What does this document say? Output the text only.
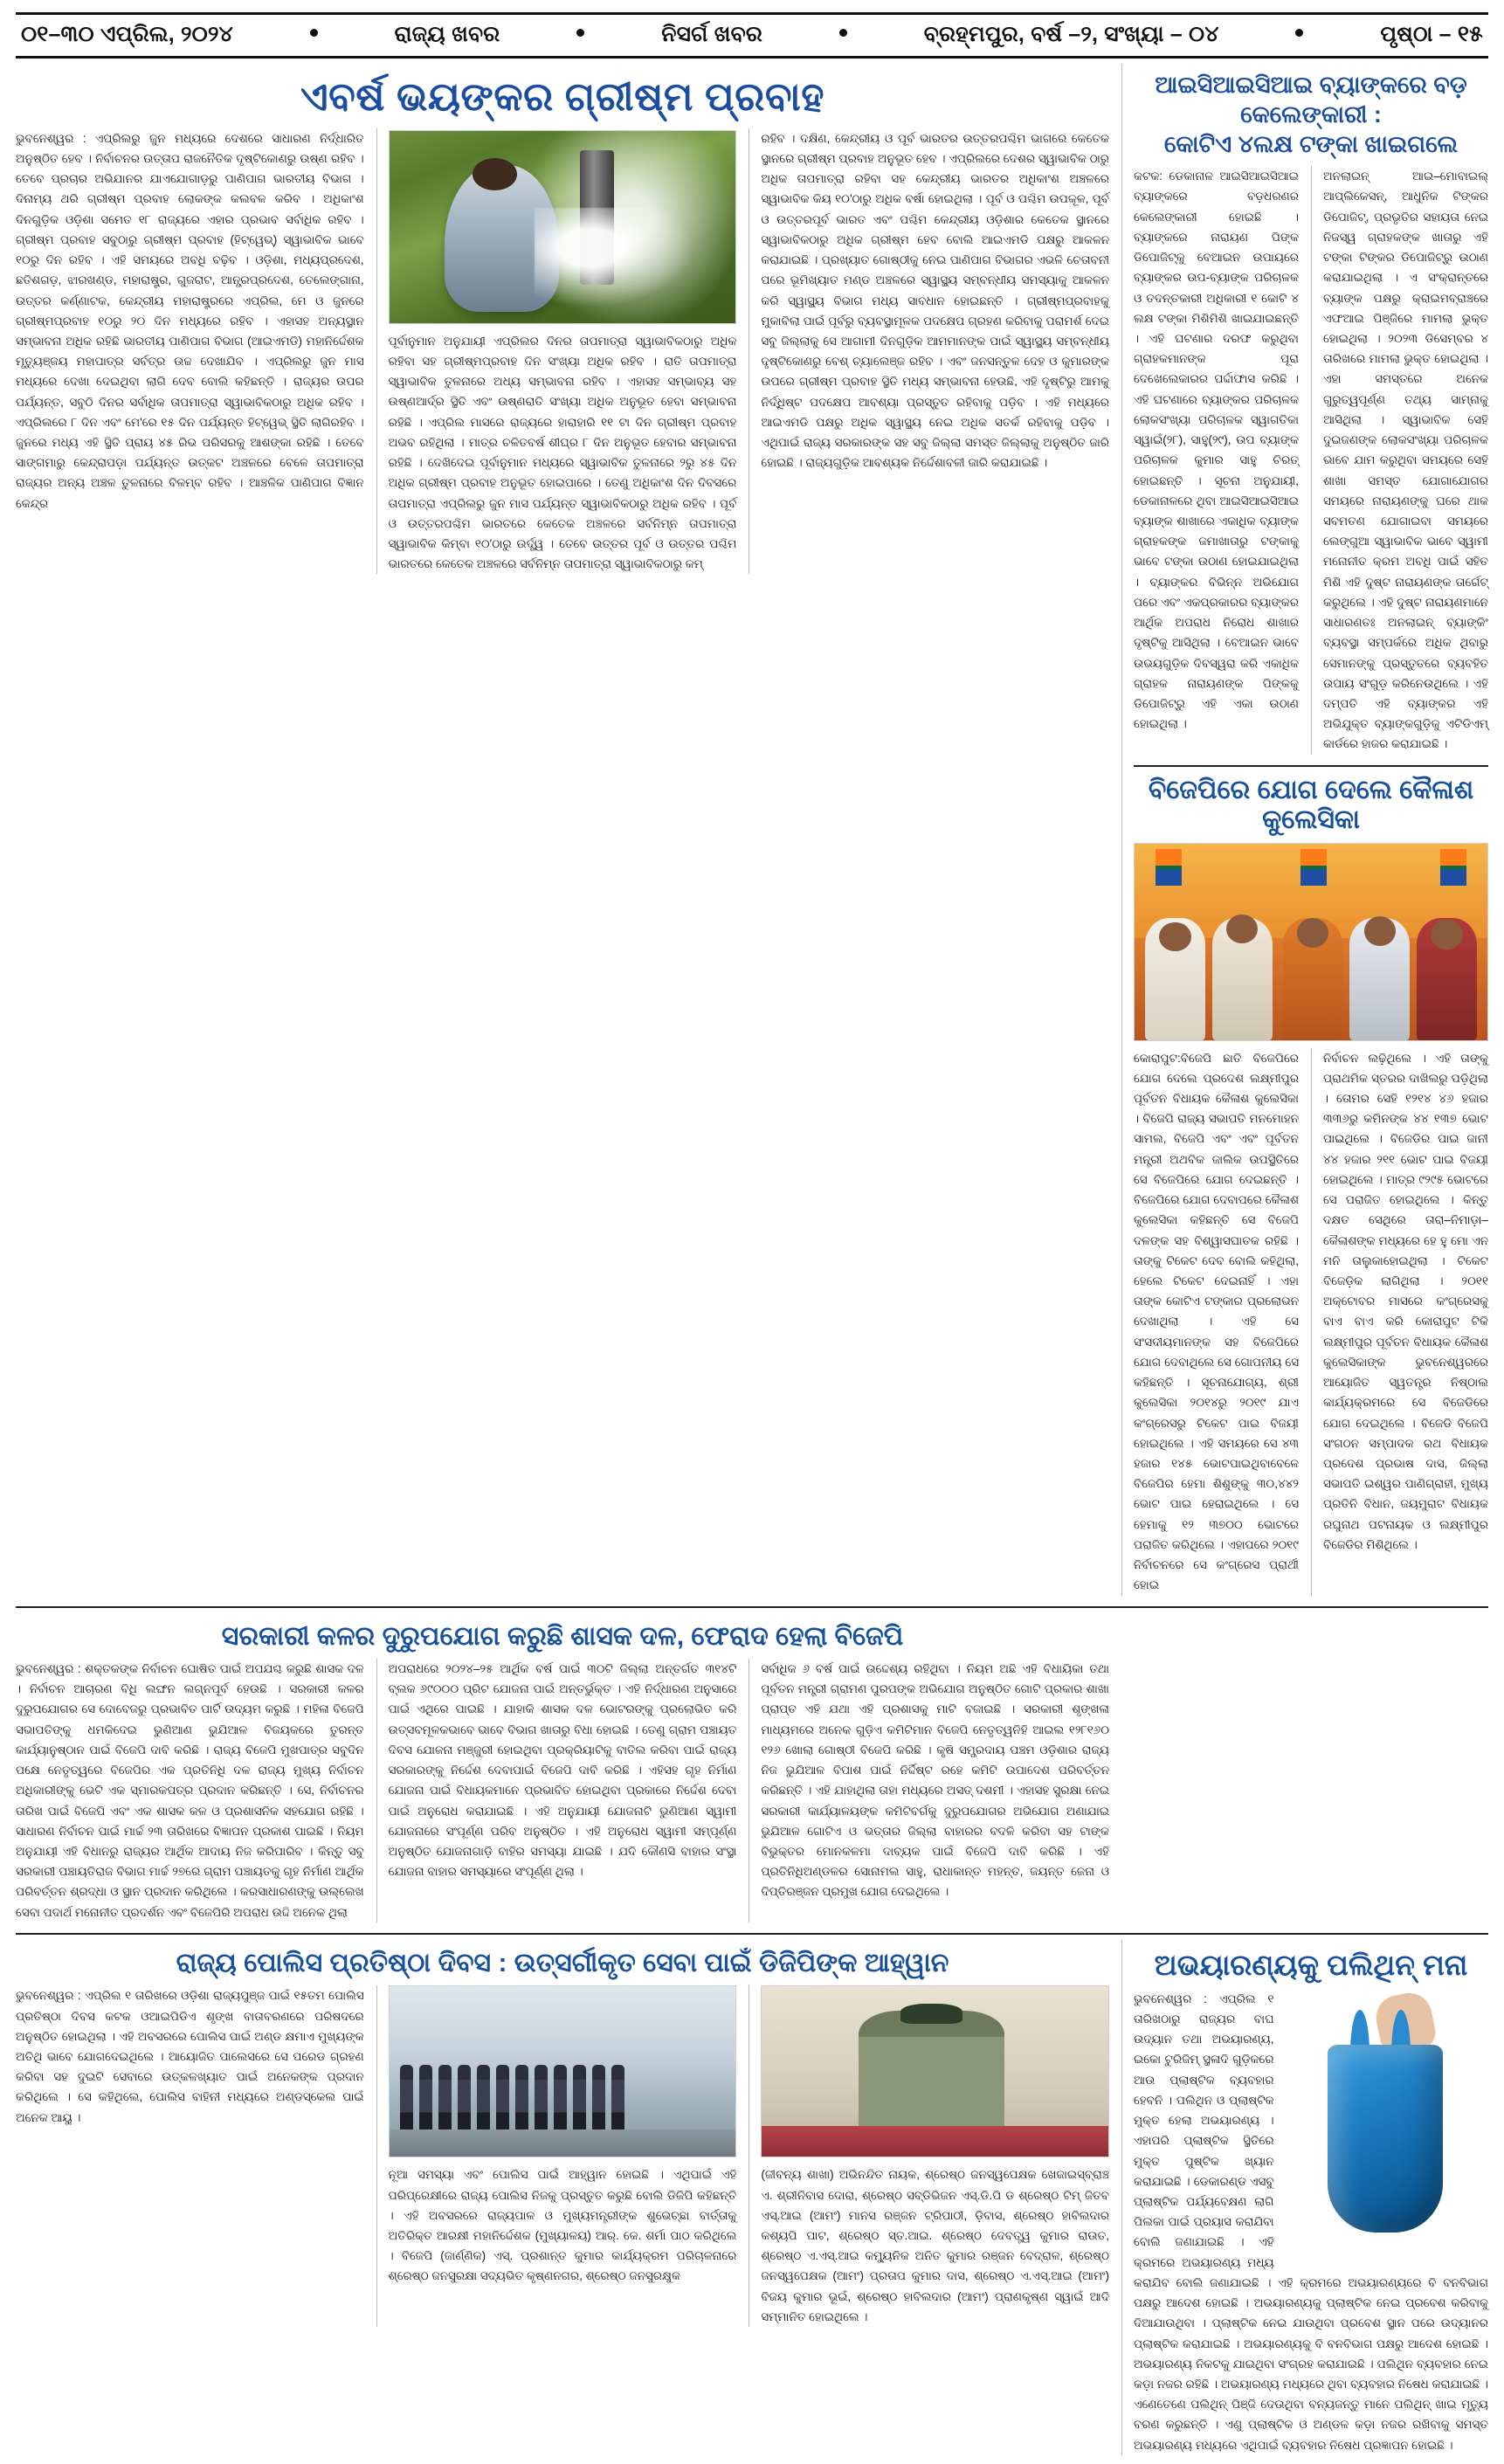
୦୧–୩୦ ଏପ୍ରିଲ, ୨୦୨୪	ରାଜ୍ୟ ଖବର	ନିସର୍ଗ ଖବର	ବ୍ରହ୍ମପୁର, ବର୍ଷ –୨, ସଂଖ୍ୟା – ୦୪	ପୃଷ୍ଠା – ୧୫
ଏବର୍ଷ ଭୟଙ୍କର ଗ୍ରୀଷ୍ମ ପ୍ରବାହ
ଭୁବନେଶ୍ୱର : ଏପ୍ରିଲରୁ ଜୁନ ମଧ୍ୟରେ ଦେଶରେ ସାଧାରଣ ନିର୍ଦ୍ଧାରିତ ଅନୁଷ୍ଠିତ ହେବ । ନିର୍ବାଚନର ଉତ୍ତାପ ରାଜନୈତିକ ଦୃଷ୍ଟିକୋଣରୁ ଉଷ୍ଣ ରହିବ । ତେବେ ପ୍ରଚାର ଅଭିଯାନର ଯାଏଯୋଗାଡ଼ରୁ ପାଣିପାଗ ଭାରତୀୟ ବିଭାଗ । ଦିନାମ୍ୟ ଥରି ଗ୍ରୀଷ୍ମ ପ୍ରବାହ ଲୋକଙ୍କ କଲବଳ କରିବ । ଅଧିକାଂଶ ଦିନଗୁଡ଼ିକ ଓଡ଼ିଶା ସମେତ ୧୮ ରାଜ୍ୟରେ ଏହାର ପ୍ରଭାବ ସର୍ବାଧିକ ରହିବ । ଗ୍ରୀଷ୍ମ ପ୍ରବାହ ସବୁଠାରୁ ଗ୍ରୀଷ୍ମ ପ୍ରବାହ (ହିଟ୍‌ୱେଭ୍‌) ସ୍ୱାଭାବିକ ଭାବେ ୧୦ରୁ ଦିନ ରହିବ । ଏହି ସମୟରେ ଅବଧି ବଢ଼ିବ । ଓଡ଼ିଶା, ମଧ୍ୟପ୍ରଦେଶ, ଛତିଶଗଡ଼, ଝାରଖଣ୍ଡ, ମହାରାଷ୍ଟ୍ର, ଗୁଜରାଟ, ଆନ୍ଧ୍ରପ୍ରଦେଶ, ତେଲେଙ୍ଗାନା, ଉତ୍ତର କର୍ଣ୍ଣାଟକ, କେନ୍ଦ୍ରୀୟ ମହାରାଷ୍ଟ୍ରରେ ଏପ୍ରିଲ, ମେ ଓ ଜୁନରେ ଗ୍ରୀଷ୍ମପ୍ରବାହ ୧୦ରୁ ୨୦ ଦିନ ମଧ୍ୟରେ ରହିବ । ଏହାସହ ଅନ୍ୟସ୍ଥାନ ସମ୍ଭାବନା ଅଧିକ ରହିଛି ଭାରତୀୟ ପାଣିପାଗ ବିଭାଗ (ଆଇଏମଡି) ମହାନିର୍ଦ୍ଦେଶକ ମୃତ୍ୟୁଞ୍ଜୟ ମହାପାତ୍ର ସର୍ବତ୍ର ଉଚ୍ଚ ଦେଖାଯିବ । ଏପ୍ରିଲରୁ ଜୁନ ମାସ ମଧ୍ୟରେ ଦେଖା ଦେଇଥିବା ଲାଗି ଦେବ ବୋଲି କହିଛନ୍ତି । ରାଜ୍ୟର ଉପର ପର୍ଯ୍ୟନ୍ତ, ସବୁଠି ଦିନର ସର୍ବାଧିକ ତାପମାତ୍ରା ସ୍ୱାଭାବିକଠାରୁ ଅଧିକ ରହିବ । ଏପ୍ରିଲରେ ୮ ଦିନ ଏବଂ ମେ'ରେ ୧୫ ଦିନ ପର୍ଯ୍ୟନ୍ତ ହିଟ୍‌ୱେଭ୍ ସ୍ଥିତି ଲାଗିରହିବ । ଜୁନରେ ମଧ୍ୟ ଏହି ସ୍ଥିତି ପ୍ରାୟ ୪୫ ରିଭ ପରିସରକୁ ଆଶଙ୍କା ରହିଛି । ତେବେ ସାଙ୍ଗମାରୁ କେନ୍ଦ୍ରାପଡ଼ା ପର୍ଯ୍ୟନ୍ତ ଉତ୍କଟ ଅଞ୍ଚଳରେ ବେଳେ ତାପମାତ୍ରା ରାଜ୍ୟର ଅନ୍ୟ ଅଞ୍ଚଳ ତୁଳନାରେ ବିଳମ୍ବ ରହିବ । ଆଞ୍ଚଳିକ ପାଣିପାଗ ବିଜ୍ଞାନ କେନ୍ଦ୍ର
ପୂର୍ବାନୁମାନ ଅନୁଯାୟୀ ଏପ୍ରିଲର ଦିନର ତାପମାତ୍ରା ସ୍ୱାଭାବିକଠାରୁ ଅଧିକ ରହିବା ସହ ଗ୍ରୀଷ୍ମପ୍ରବାହ ଦିନ ସଂଖ୍ୟା ଅଧିକ ରହିବ । ରାତି ତାପମାତ୍ରା ସ୍ୱାଭାବିକ ତୁଳନାରେ ଅଧ୍ୟ ସମ୍ଭାବନା ରହିବ । ଏହାସହ ସମ୍ଭାବ୍ୟ ସହ ଉଷ୍ଣଆର୍ଦ୍ର ସ୍ଥିତି ଏବଂ ଉଷ୍ଣରାତି ସଂଖ୍ୟା ଅଧିକ ଅନୁଭୂତ ହେବା ସମ୍ଭାବନା ରହିଛି । ଏପ୍ରିଲ ମାସରେ ରାଜ୍ୟରେ ହାରାହାରି ୧୧ ଟା ଦିନ ଗ୍ରୀଷ୍ମ ପ୍ରବାହ ଅଭବ ରହିଥିଲା । ମାତ୍ର ଚଳିତବର୍ଷ ଶୀଘ୍ର ୮ ଦିନ ଅନୁଭୂତ ହେବାର ସମ୍ଭାବନା ରହିଛି । ଦେଖିଦେଇ ପୂର୍ବାନୁମାନ ମଧ୍ୟରେ ସ୍ୱାଭାବିକ ତୁଳନାରେ ୨ରୁ ୪୫ ଦିନ ଅଧିକ ଗ୍ରୀଷ୍ମ ପ୍ରବାହ ଅନୁଭୂତ ହୋଇପାରେ । ତେଣୁ ଅଧିକାଂଶ ଦିନ ଦିବସରେ ତାପମାତ୍ରା ଏପ୍ରିଲରୁ ଜୁନ ମାସ ପର୍ଯ୍ୟନ୍ତ ସ୍ୱାଭାବିକଠାରୁ ଅଧିକ ରହିବ । ପୂର୍ବ ଓ ଉତ୍ତରପଶ୍ଚିମ ଭାରତରେ କେତେକ ଅଞ୍ଚଳରେ ସର୍ବନିମ୍ନ ତାପମାତ୍ରା ସ୍ୱାଭାବିକ କିମ୍ବା ୧୦'ଠାରୁ ଉର୍ଦ୍ଧ୍ୱ । ତେବେ ଉତ୍ତର ପୂର୍ବ ଓ ଉତ୍ତର ପଶ୍ଚିମ ଭାରତରେ କେତେକ ଅଞ୍ଚଳରେ ସର୍ବନିମ୍ନ ତାପମାତ୍ରା ସ୍ୱାଭାବିକଠାରୁ କମ୍
ରହିବ । ଦକ୍ଷିଣ, କେନ୍ଦ୍ରୀୟ ଓ ପୂର୍ବ ଭାରତର ଉତ୍ତରପଶ୍ଚିମ ଭାଗରେ କେତେକ ସ୍ଥାନରେ ଗ୍ରୀଷ୍ମ ପ୍ରବାହ ଅନୁଭୂତ ହେବ । ଏପ୍ରିଲରେ ଦେଶର ସ୍ୱାଭାବିକ ଠାରୁ ଅଧିକ ତାପମାତ୍ରା ରହିବା ସହ କେନ୍ଦ୍ରୀୟ ଭାରତର ଅଧିକାଂଶ ଅଞ୍ଚଳରେ ସ୍ୱାଭାବିକ କିୟ ୧୦'ଠାରୁ ଅଧିକ ବର୍ଷା ହୋଇଥିଲା । ପୂର୍ବ ଓ ପଶ୍ଚିମ ଉପକୂଳ, ପୂର୍ବ ଓ ଉତ୍ତରପୂର୍ବ ଭାରତ ଏବଂ ପଶ୍ଚିମ କେନ୍ଦ୍ରୀୟ ଓଡ଼ିଶାର କେତେକ ସ୍ଥାନରେ ସ୍ୱାଭାବିକଠାରୁ ଅଧିକ ଗ୍ରୀଷ୍ମ ହେବ ବୋଲି ଆଇଏମଡି ପକ୍ଷରୁ ଆକଳନ କରାଯାଇଛି । ପ୍ରଖ୍ୟାତ ଗୋଷ୍ଠୀକୁ ନେଇ ପାଣିପାଗ ବିଭାଗର ଏଭଳି ଚେତାବନୀ ପରେ ଭୂମିଖ୍ୟାତ ମଣ୍ଡ ଅଞ୍ଚଳରେ ସ୍ୱାସ୍ଥ୍ୟ ସମ୍ବନ୍ଧୀୟ ସମସ୍ୟାକୁ ଆକଳନ କରି ସ୍ୱାସ୍ଥ୍ୟ ବିଭାଗ ମଧ୍ୟ ସାବଧାନ ହୋଇଛନ୍ତି । ଗ୍ରୀଷ୍ମପ୍ରବାହକୁ ମୁକାବିଲା ପାଇଁ ପୂର୍ବରୁ ବ୍ୟବସ୍ଥାମୂଳକ ପଦକ୍ଷେପ ଗ୍ରହଣ କରିବାକୁ ପରାମର୍ଶ ଦେଇ ସବୁ ଜିଲ୍ଲାକୁ ସେ ଆଗାମୀ ଦିନଗୁଡ଼ିକ ଆମମାନଙ୍କ ପାଇଁ ସ୍ୱାସ୍ଥ୍ୟ ସମ୍ବନ୍ଧୀୟ ଦୃଷ୍ଟିକୋଣରୁ ବେଶ୍ ଚ୍ୟାଲେଞ୍ଜ ରହିବ । ଏବଂ ଜନସନ୍ତୁଳ ଦେହ ଓ କୁମାରଙ୍କ ଉପରେ ଗ୍ରୀଷ୍ମ ପ୍ରବାହ ସ୍ଥିତି ମଧ୍ୟ ସମ୍ଭାବନା ହେଉଛି, ଏହି ଦୃଷ୍ଟିରୁ ଆମକୁ ନିର୍ଦ୍ଧିଷ୍ଟ ପଦକ୍ଷେପ ଆବଶ୍ୟା ପ୍ରସ୍ତୁତ ରହିବାକୁ ପଡ଼ିବ । ଏହି ମଧ୍ୟରେ ଆଇଏମଡି ପକ୍ଷରୁ ଅଧିକ ସ୍ୱାସ୍ଥ୍ୟ ନେଇ ଅଧିକ ସତର୍କ ରହିବାକୁ ପଡ଼ିବ । ଏଥିପାଇଁ ରାଜ୍ୟ ସରକାରଙ୍କ ସହ ସବୁ ଜିଲ୍ଲା ସମସ୍ତ ଜିଲ୍ଲାକୁ ଅନୁଷ୍ଠିତ ଜାରି ହୋଇଛି । ରାଜ୍ୟଗୁଡ଼ିକ ଆବଶ୍ୟକ ନିର୍ଦ୍ଦେଶାବଳୀ ଜାରି କରାଯାଇଛି ।
ଆଇସିଆଇସିଆଇ ବ୍ୟାଙ୍କରେ ବଡ଼ କେଲେଙ୍କାରୀ :
କୋଟିଏ ୪ଲକ୍ଷ ଟଙ୍କା ଖାଇଗଲେ
କଟକ: ଡେକାନାଳ ଆଇସିଆଇସିଆଇ ବ୍ୟାଙ୍କରେ ବଡ଼ଧରଣର କେଲେଙ୍କାରୀ ହୋଇଛି । ବ୍ୟାଙ୍କରେ ନାରାୟଣ ପିଙ୍କ ଡିପୋଜିଟ୍‌କୁ ବେଆଇନ ଉପାୟରେ ବ୍ୟାଙ୍କର ଉପ-ବ୍ୟାଙ୍କ ପରିଚାଳକ ଓ ତଦନ୍ତକାରୀ ଅଧିକାରୀ ୧ କୋଟି ୪ ଲକ୍ଷ ଟଙ୍କା ମିଶିମିଶି ଖାଇଯାଇଛନ୍ତି । ଏହି ଘଟଣାର ଦରଫ କରୁଥିବା ଗ୍ରାହକମାନଙ୍କ ପୂରା ଦେଖେଲେକାରର ପର୍ଦ୍ଦାଫାସ କରିଛି । ଏହି ଘଟଣାରେ ବ୍ୟାଙ୍କର ପରିଚାଳକ ଲୋକସଂଖ୍ୟା ପରିଚାଳକ ସ୍ୱାଗତିକା ସ୍ୱାଇଁ(୨୮), ସାହୁ(୨୯), ଉପ ବ୍ୟାଙ୍କ ପରିଚାଳକ କୁମାର ସାହୁ ଚିରତ୍‌ ହୋଇଛନ୍ତି । ସୂଚନା ଅନୁଯାୟୀ, ଡେକାନାଳରେ ଥିବା ଆଇସିଆଇସିଆଇ ବ୍ୟାଙ୍କ ଶାଖାରେ ଏକାଧିକ ବ୍ୟାଙ୍କ ଗ୍ରାହକଙ୍କ ଜମାଖାତାରୁ ଟଙ୍କାକୁ ଭାବେ ଟଙ୍କା ଉଠାଣ ହୋଇଯାଇଥିଲା । ବ୍ୟାଙ୍କର ବିଭିନ୍ନ ଅଭିଯୋଗ ପରେ ଏବଂ ଏକପ୍ରକାରର ବ୍ୟାଙ୍କର ଆର୍ଥିକ ଅପରାଧ ନିରୋଧ ଶାଖାର ଦୃଷ୍ଟିକୁ ଆସିଥିଲା । ବେଆଇନ ଭାବେ ଉଭୟଗୁଡ଼ିକ ଦିବସ୍ୱରା କରି ଏକାଧିକ ଗ୍ରାହକ ନାରାୟଣଙ୍କ ପିଙ୍କକୁ ଡିପୋଜିଟ୍‌ରୁ ଏହି ଏକା ଉଠାଣ ହୋଇଥିଲା ।
ଅନଲାଇନ୍ ଆଇ–ମୋବାଇଲ୍ ଆପ୍ଲିକେସନ୍, ଆଧୁନିକ ଟିଙ୍କର ଡିପୋଜିଟ୍, ପ୍ରଭୃତିର ସହାୟତା ନେଇ ନିଜସ୍ୱ ଗ୍ରାହକଙ୍କ ଖାତାରୁ ଏହି ଟଙ୍କା ଟିଙ୍କର ଡିପୋଜିଟ୍‌ରୁ ଉଠାଣ କରାଯାଇଥିଲା । ଏ ସଂକ୍ରାନ୍ତରେ ବ୍ୟାଙ୍କ ପକ୍ଷରୁ କ୍ରାଇମବ୍ରାଞ୍ଚରେ ଏଫଆଇ ପିଞ୍ଜିରେ ମାମଲା ଭୁକ୍ତ ହୋଇଥିଲା । ୨୦୨୩ ଡିସେମ୍ବର ୪ ତାରିଖରେ ମାମଲା ଭୁକ୍ତ ହୋଇଥିଲା । ଏହା ସମସ୍ତରେ ଅନେକ ଗୁରୁତ୍ୱପୂର୍ଣ୍ଣ ତଥ୍ୟ ସାମ୍ନାକୁ ଆସିଥିଲା । ସ୍ୱାଭାବିକ ସେହି ଦୁଇଜଣଙ୍କ ଲୋକସଂଖ୍ୟା ପରିଚାଳକ ଭାବେ ଯାମ କରୁଥିବା ସମୟରେ ସେହି ଶାଖା ସମସ୍ତ ଯୋଗାଯୋଗର ସମୟରେ ନାରାୟଣଙ୍କୁ ଘରେ ଥାକ ସବମତଣ ଯୋଗାଇବା ସମୟରେ ଲେଙ୍ଗୁଆ ସ୍ୱାଭାବିକ ଭାବେ ସ୍ୱାମୀ ମନୋନୀତ କ୍ରମ ଅବଧି ପାଇଁ ସହିତ ମିଶି ଏହି ଦୁଷ୍ଟ ନାରାୟଣଙ୍କ ତାର୍ଗେଟ୍ କରୁଥିଲେ । ଏହି ଦୁଷ୍ଟ ନାରାୟଣମାନେ ସାଧାରଣତଃ ଅନଲାଇନ୍ ବ୍ୟାଙ୍କିଂ ବ୍ୟବସ୍ଥା ସମ୍ପର୍କରେ ଅଧିକ ଥିବାରୁ ସେମାନଙ୍କୁ ପ୍ରସ୍ତୁତରେ ବ୍ୟବହିତ ଉପାୟ ସଂଗୁଡ଼ କରିନେଉଥିଲେ । ଏହି ଦମ୍ପତି ଏହି ବ୍ୟାଙ୍କର ଏହି ଅଭିଯୁକ୍ତ ବ୍ୟାଙ୍କଗୁଡ଼ିକୁ ଏଟିଡିଏମ୍ କାର୍ଡରେ ହାଜର କରାଯାଇଛି ।
ବିଜେପିରେ ଯୋଗ ଦେଲେ କୈଳାଶ କୁଲେସିକା
କୋରାପୁଟ:ବିଜେପି ଛାତି ବିଜେପିରେ ଯୋଗ ଦେଲେ ପ୍ରଦେଶ ଲକ୍ଷ୍ମୀପୁର ପୂର୍ବତନ ବିଧାୟକ କୈଳାଶ କୁଲେସିକା । ବିଜେପି ରାଜ୍ୟ ସଭାପତି ମନମୋହନ ସାମଲ, ବିଜେପି ଏବଂ ଏବଂ ପୂର୍ବତନ ମନ୍ତ୍ରୀ ଅଥବିକ ଜାଲିକ ଉପସ୍ଥିତିରେ ସେ ବିଜେପିରେ ଯୋଗ ଦେଇଛନ୍ତି । ବିଜେପିରେ ଯୋଗ ଦେବାପରେ କୈଳାଶ କୁଲେସିକା କହିଛନ୍ତି ସେ ବିଜେପି ଦଳଙ୍କ ସହ ବିଶ୍ୱାସଘାତକ ରହିଛି । ତାଙ୍କୁ ଟିକେଟ ଦେବ ବୋଲି କହିଥିଲା, ହେଲେ ଟିକେଟ ଦେଇନାହିଁ । ଏହା ତାଙ୍କ କୋଟିଏ ଟଙ୍କାର ପ୍ରଲୋଭନ ଦେଖାଥିଲା । ଏହି ସେ ସଂସଦୀୟମାନଙ୍କ ସହ ବିଜେପିରେ ଯୋଗ ଦେବାଥିଲେ ସେ ଗୋପନୀୟ ସେ କହିଛନ୍ତି । ସୂଚନାଯୋଗ୍ୟ, ଶ୍ରୀ କୁଲେସିକା ୨୦୧୪ରୁ ୨୦୧୯ ଯାଏ କଂଗ୍ରେସରୁ ଟିକେଟ ପାଇ ବିଜୟୀ ହୋଇଥିଲେ । ଏହି ସମୟରେ ସେ ୪୩ ହଜାର ୧୪୫ ଭୋଟପାଇଥିବାବେଳେ ବିଜେପିର ହେମା ଶିଶୁଙ୍କୁ ୩୦,୪୪୨ ଭୋଟ ପାଇ ହେରାଇଥିଲେ । ସେ ହେମାକୁ ୧୨ ୩୭୦୦ ଭୋଟରେ ପରାଜିତ କରିଥିଲେ । ଏହାପରେ ୨୦୧୯ ନିର୍ବାଚନରେ ସେ କଂଗ୍ରେସ ପ୍ରାର୍ଥୀ ହୋଇ
ନିର୍ବାଚନ ଲଢ଼ିଥିଲେ । ଏହି ତାଙ୍କୁ ପ୍ରାଥମିକ ସ୍ତରର ଦାଖିଲରୁ ପଡ଼ିଥିଲା । ତୋମର ସେହି ୧୨୧୪ ୪୬ ହଜାର ୩୩୬ରୁ କମିନଙ୍କ ୪୪ ୧୩୭ ଭୋଟ ପାଇଥିଲେ । ବିଜେଡିର ପାଇ ଜାନୀ ୪୪ ହଜାର ୨୧୧ ଭୋଟ ପାଇ ବିଜୟୀ ହୋଇଥିଲେ । ମାତ୍ର ୯୨୯୫ ଭୋଟରେ ସେ ପରାଜିତ ହୋଇଥିଲେ । କିନ୍ତୁ ଦକ୍ଷତ ସେଥିରେ ତାରା–ନିମାଡ଼ା–କୈଳାଶଙ୍କ ମଧ୍ୟରେ ହେ ହୁ ମୋ ଏନ ମନି ତାଲୁକାହୋଇଥିଲା । ଟିକେଟ ବିଜେଡ଼ିକ ଲାଗିଥିଲା । ୨୦୧୧ ଅକ୍ଟୋବର ମାସରେ କଂଗ୍ରେସକୁ ବାଏ ବାଏ କରି କୋରାପୁଟ ଟିକି ଲକ୍ଷ୍ମୀପୁର ପୂର୍ବତନ ବିଧାୟକ କୈଳାଶ କୁଲେସିକାଙ୍କ ଭୁବନେଶ୍ୱରରେ ଆୟୋଜିତ ସ୍ୱତନ୍ତ୍ର ନିଷ୍ଠାଲ କାର୍ଯ୍ୟକ୍ରମରେ ସେ ବିଜେଡିରେ ଯୋଗ ଦେଇଥିଲେ । ବିଜେଡି ବିଜେପି ସଂଗଠନ ସମ୍ପାଦକ ରଥ ବିଧାୟକ ପ୍ରଦେଶ ପ୍ରଭାଷ ଦାସ, ଜିଲ୍ଲା ସଭାପତି ଇଶ୍ୱର ପାଣିଗ୍ରାହୀ, ମୁଖ୍ୟ ପ୍ରତିନି ବିଧାନ, ଜୟମୁରାଟ ବିଧାୟକ ରଘୁନାଥ ପଟନାୟକ ଓ ଲକ୍ଷ୍ମୀପୁର ବିଜେଡିର ମିଶିଥିଲେ ।
ସରକାରୀ କଳର ଦୁରୁପଯୋଗ କରୁଛି ଶାସକ ଦଳ, ଫେରାଦ ହେଲା ବିଜେପି
ଭୁବନେଶ୍ୱର : ଶକ୍ତକଙ୍କ ନିର୍ବାଚନ ଘୋଷିତ ପାଇଁ ଅପଯଶ୍ଚ କରୁଛି ଶାସକ ଦଳ । ନିର୍ବାଚନ ଆଚାରଣ ବିଧି ଲଙ୍ଘନ ଲଗ୍ନପୂର୍ବ ହେଉଛି । ସରକାରୀ କଳର ଦୁରୁପଯୋଗର ସେ ଦୋବେଜରୁ ପ୍ରଭାବିତ ପାର୍ଟି ଉଦ୍ୟମ କରୁଛି । ମହିଳା ବିଜେପି ସଭାପତିଙ୍କୁ ଧମକିଦେଇ ଭୁଣିଆଣ ଭୁଯିଆଳ ବିଜୟକରେ ତୁରନ୍ତ କାର୍ଯ୍ୟାନୁଷ୍ଠାନ ପାଇଁ ବିଜେପି ଦାବି କରିଛି । ରାଜ୍ୟ ବିଜେପି ମୁଖପାତ୍ର ସବୁଦିନ ପକ୍ଷେ ନେତୃତ୍ୱରେ ବିଜେପିର ଏକ ପ୍ରତିନିଧି ଦଳ ରାଜ୍ୟ ମୁଖ୍ୟ ନିର୍ବାଚନ ଅଧିକାରୀଙ୍କୁ ଭେଟି ଏକ ସ୍ମାରକପତ୍ର ପ୍ରଦାନ କରିଛନ୍ତି । ସେ, ନିର୍ବାଚନର ତାରିଖ ପାଇଁ ବିଜେପି ଏବଂ ଏକ ଶାସକ କଳ ଓ ପ୍ରଶାସନିକ ସହଯୋଗ ରହିଛି । ସାଧାରଣ ନିର୍ବାଚନ ପାଇଁ ମାର୍ଚ୍ଚ ୨୩ ତାରିଖରେ ବିଜ୍ଞାପନ ପ୍ରକାଶ ପାଇଛି । ନିୟମ ଅନୁଯାୟୀ ଏହି ବିଧାନରୁ ରାଜ୍ୟର ଆର୍ଥିକ ଆଦାୟ ନିଜ କରିପାରିବ । କିନ୍ତୁ ସବୁ ସରକାରୀ ପଞ୍ଚାୟତିରାଜ ବିଭାଗ ମାର୍ଚ୍ଚ ୨୭ରେ ଗ୍ରାମ ପଞ୍ଚାୟତକୁ ଗୃହ ନିର୍ମାଣ ଆର୍ଥିକ ପରିବର୍ତ୍ତନ ଶ୍ରଦ୍ଧା ଓ ସ୍ଥାନ ପ୍ରଦାନ କରିଥିଲେ । କରସାଧାରଣଙ୍କୁ ଉଲ୍ଲେଖ ସେବା ପଦାର୍ଥ ମନୋନୀତ ପ୍ରଦର୍ଶନ ଏବଂ ବିଜେପିରି ଅପରାଧ ଉଦ୍ଦି ଅନେକ ଥିଲା
ଅପରାଧରେ ୨୦୨୪–୨୫ ଆର୍ଥିକ ବର୍ଷ ପାଇଁ ୩୦ଟି ଜିଲ୍ଲା ଅନ୍ତର୍ଗତ ୩୧୪ଟି ବ୍ଲକ ୬୯୦୦୦ ପ୍ରିଟ ଯୋଜନା ପାଇଁ ଅନ୍ତର୍ଭୁକ୍ତ । ଏହି ନିର୍ଦ୍ଧାରଣ ଅନୁସାରେ ପାଇଁ ଏଥିରେ ପାଇଛି । ଯାହାକି ଶାସକ ଦଳ ଭୋଟରଙ୍କୁ ପ୍ରଲୋଭିତ କରି ଉତ୍ସବମୂଳକଭାବେ ଭାବେ ବିଭାଗ ଖାତାରୁ ବିଧା ହୋଇଛି । ତେଣୁ ଗ୍ରାମ ପଞ୍ଚାୟତ ଦିବସ ଯୋଜନା ମଞ୍ଜୁରୀ ହୋଇଥିବା ପ୍ରକ୍ରିୟାଟିକୁ ବାତିଲ କରିବା ପାଇଁ ରାଜ୍ୟ ସରକାରଙ୍କୁ ନିର୍ଦ୍ଦେଶ ଦେବାପାଇଁ ବିଜେପି ଦାବି କରିଛି । ଏହିସହ ଗୃହ ନିର୍ମାଣ ଯୋଜନା ପାଇଁ ବିଧାୟକମାନେ ପ୍ରଭାବିତ ହୋଇଥିବା ପ୍ରକାରେ ନିର୍ଦ୍ଦେଶ ଦେବା ପାଇଁ ଅନୁରୋଧ କରାଯାଇଛି । ଏହି ଅନୁଯାୟୀ ଯୋଜନାଟି ଭୁଣିଆଣ ସ୍ୱାମୀ ଯୋଜନାରେ ସଂପୂର୍ଣ୍ଣ ପରିବ ଅନୁଷ୍ଠିତ । ଏହି ଅନୁରୋଧ ସ୍ୱାମୀ ସମ୍ପୂର୍ଣ୍ଣ ଅନୁଷ୍ଠିତ ଯୋଜନାଗାଡ଼ି ବାହିର ସମସ୍ୟା ଯାଇଛି । ଯଦି କୌଣସି ବାହାର ସଂସ୍ଥା ଯୋଜନା ବାହାର ସମସ୍ୟାରେ ସଂପୂର୍ଣ୍ଣ ଥିଲା ।
ସର୍ବାଧିକ ୬ ବର୍ଷ ପାଇଁ ଉଦ୍ଦେଶ୍ୟ ରହିଥିବା । ନିୟମ ଅଛି ଏହି ବିଧାୟିକା ତଥା ପୂର୍ବତନ ମନ୍ତ୍ରୀ ଗ୍ରାମଣ ପୁରପଙ୍କ ଅଭିଯୋଗ ଅନୁଷ୍ଠିତ ଗୋଟି ପ୍ରକାର ଶାଖା ପ୍ରାପ୍ତ ଏହି ଯଥା ଏହି ପ୍ରଶାସକୁ ମାଟି ବଜାଇଛି । ସରକାରୀ ଶୃଙ୍ଖଳା ମାଧ୍ୟମରେ ଅନେକ ଗୁଡ଼ିଏ କମିଟିମାନ ବିଜେପି ନେତୃତ୍ୱନିହି ଆଇଲ ୧୨୮୧୬୦ ୧୨୬ ଖୋଲା ଗୋଷ୍ଠୀ ବିଜେପି କରିଛି । କୃଷି ସମ୍ପ୍ରଦାୟ ପଞ୍ଚମ ଓଡ଼ିଶାର ରାଜ୍ୟ ନିଜ ଭୁଯିଆଳ ବିପାଶ ପାଇଁ ନିର୍ଦ୍ଦିଷ୍ଟ ରହେ କମିଟି ଉପାଦେଶ ପରିବର୍ତ୍ତନ କରିଛନ୍ତି । ଏହି ଯାହାଥିଲା ତାହା ମଧ୍ୟରେ ଅସତ୍ ଦଶମୀ । ଏହାସହ ସୁରକ୍ଷା ନେଇ ସରକାରୀ କାର୍ଯ୍ୟାଳୟଙ୍କ କମିଟିବର୍ଗକୁ ଦୁରୁପଯୋଗର ଅଭିଯୋଗ ଅଣାଯାଇ ଭୁଯିଆଳ ଗୋଟିଏ ଓ ଭତ୍ତାର ଜିଲ୍ଲା ବାହାରର ବଦଳି କରିବା ସହ ଟାଙ୍କ ବିଭୁକ୍ତର ମୋନକଳମା ଦାବ୍ୟକ ପାଇଁ ବିଜେପି ଦାବି କରିଛି । ଏହି ପ୍ରତିନିଧିଅଣ୍ଡଳର ସୋନାମଲ ସାହୁ, ରାଧାକାନ୍ତ ମହନ୍ତ, ଜୟନ୍ତ ଜେନା ଓ ଦିପ୍ତିରଞ୍ଜନ ପ୍ରମୁଖ ଯୋଗ ଦେଇଥିଲେ ।
ରାଜ୍ୟ ପୋଲିସ ପ୍ରତିଷ୍ଠା ଦିବସ : ଉତ୍ସର୍ଗୀକୃତ ସେବା ପାଇଁ ଡିଜିପିଙ୍କ ଆହ୍ୱାନ
ଭୁବନେଶ୍ୱର : ଏପ୍ରିଲ ୧ ତାରିଖରେ ଓଡ଼ିଶା ରାଜ୍ୟପୁଞ୍ଜ ପାଇଁ ୧୫ତମ ପୋଲିସ ପ୍ରତିଷ୍ଠା ଦିବସ କଟକ ଓଆଇପିଡିଏ ଶୃଙ୍ଖ ବାତାବରଣରେ ପରିଷଦରେ ଅନୁଷ୍ଠିତ ହୋଇଥିଲା । ଏହି ଅବସରରେ ପୋଲିସ ପାଇଁ ଅଣ୍ଡ କ୍ଷମାଏ ମୁଖ୍ୟଙ୍କ ଅତିଥି ଭାବେ ଯୋଗଦେଇଥିଲେ । ଆୟୋଜିତ ପାଲେସରେ ସେ ପରେଡ ଗ୍ରହଣ କରିବା ସହ ଦୁଇଟି ସେବାରେ ଉତ୍କଳଖ୍ୟାତ ପାଇଁ ଅନେକଙ୍କ ପ୍ରଦାନ କରିଥିଲେ । ସେ କହିଥିଲେ, ପୋଲିସ ବାହିନୀ ମଧ୍ୟରେ ଅଣ୍ଡସ୍କେଲ ପାଇଁ ଅନେକ ଆୟୁ ।
ନୂଆ ସମସ୍ୟା ଏବଂ ପୋଲିସ ପାଇଁ ଆହ୍ୱାନ ହୋଇଛି । ଏଥିପାଇଁ ଏହି ପରିପ୍ରେକ୍ଷୀରେ ରାଜ୍ୟ ପୋଲିସ ନିଜକୁ ପ୍ରସ୍ତୁତ କରୁଛି ବୋଲି ଡିଜିପି କହିଛନ୍ତି । ଏହି ଅବସରରେ ରାଜ୍ୟପାଳ ଓ ମୁଖ୍ୟମନ୍ତ୍ରୀଙ୍କ ଶୁଭେଚ୍ଛା ବାର୍ତ୍ତାକୁ ଅତିରିକ୍ତ ଆରକ୍ଷୀ ମହାନିର୍ଦ୍ଦେଶକ (ମୁଖ୍ୟାଳୟ) ଆର୍. କେ. ଶର୍ମା ପାଠ କରିଥିଲେ । ବିଜେପି (ଜାର୍ଣ୍ଣିକ) ଏସ୍. ପ୍ରଶାନ୍ତ କୁମାର କାର୍ଯ୍ୟକ୍ରମ ପରିଚାଳନାରେ ଶ୍ରେଷ୍ଠ ଜନସୁରକ୍ଷା ସଦ୍ୟଭିତ କୃଷ୍ଣନଗର, ଶ୍ରେଷ୍ଠ ଜନସୁରକ୍ଷୁକ
(ଜୀବନ୍ୟ ଶାଖା) ଅଭିନନ୍ଦିତ ନାୟକ, ଶ୍ରେଷ୍ଠ ଜନସ୍ୱପେକ୍ଷକ ଖେଜାଇସ୍‌ବ୍ରାଞ୍ଚ ଏ. ଶ୍ରୀନିବାସ ଦୋରା, ଶ୍ରେଷ୍ଠ ସବ୍‌ଡିଭିଜନ ଏସ୍.ଡି.ପି ଡ ଶ୍ରେଷ୍ଠ ଟିମ୍ ଜିତବ ଏସ୍.ଆଇ (ଆମଂ) ମାନସ ରଞ୍ଜନ ଟ୍ରିପାଠୀ, ଡ଼ିବାସ, ଶ୍ରେଷ୍ଠ ହାବିଲଦାର କଶ୍ୟପି ପାଟ, ଶ୍ରେଷ୍ଠ ସ୍ତ.ଆଇ. ଶ୍ରେଷ୍ଠ ଦେବତ୍ତ୍ୱ କୁମାର ରାଉତ, ଶ୍ରେଷ୍ଠ ଏ.ଏସ୍.ଆଇ କମ୍ୟୁନିକ ଅନିତ କୁମାର ରଞ୍ଜନ ବେଦ୍ରାଳ, ଶ୍ରେଷ୍ଠ ଜନସ୍ୱପେକ୍ଷକ (ଆମଂ) ପ୍ରତାପ କୁମାର ଦାସ, ଶ୍ରେଷ୍ଠ ଏ.ଏସ୍.ଆଇ (ଆମଂ) ବିଜୟ କୁମାର ଭୂଇଁ, ଶ୍ରେଷ୍ଠ ହାବିଲଦାର (ଆମଂ) ପ୍ରାଣକୃଷ୍ଣ ସ୍ୱାଇଁ ଆଦି ସମ୍ମାନିତ ହୋଇଥିଲେ ।
ଅଭୟାରଣ୍ୟକୁ ପଲିଥିନ୍ ମନା
ଭୁବନେଶ୍ୱର : ଏପ୍ରିଲ ୧ ତାରିଖଠାରୁ ରାଜ୍ୟର ବାଘ ଉଦ୍ୟାନ ତଥା ଅଭୟାରଣ୍ୟ, ଇକୋ ଟୁରିଜିମ୍ ସ୍ଥଳାଦି ଗୁଡ଼ିକରେ ଆଉ ପ୍ଲାଷ୍ଟିକ ବ୍ୟବହାର ହେବନି । ପଲିଥିନ ଓ ପ୍ଲାଷ୍ଟିକ ମୁକ୍ତ ହେଲା ଅଭୟାରଣ୍ୟ । ଏହାପରି ପ୍ଲାଷ୍ଟିକ ସ୍ଥିତିରେ ମୁକ୍ତ ପୁଷ୍ଟିକ ଖ୍ୟାନ କରାଯାଇଛି । ଡେକାରଣ୍ଡ ଏସବୁ ପ୍ଲାଷ୍ଟିକ ପର୍ଯ୍ୟବେକ୍ଷଣ ଲାଗି ପିଲକା ପାଇଁ ପ୍ରୟାସ କରାଯିବା ବୋଲି ଜଣାଯାଇଛି । ଏହି କ୍ରମରେ ଅଭୟାରଣ୍ୟ ମଧ୍ୟ କରାଯିବ ବୋଲି ଜଣାଯାଇଛି । ଏହି କ୍ରମରେ ଅଭୟାରଣ୍ୟରେ ବି ବନବିଭାଗ ପକ୍ଷରୁ ଆଦେଶ ହୋଇଛି । ଅଭୟାରଣ୍ୟକୁ ପ୍ଲାଷ୍ଟିକ ନେଇ ପ୍ରବେଶ କରିବାକୁ ଦିଆଯାଉଥିବା । ପ୍ଲାଷ୍ଟିକ ନେଇ ଯାଉଥିବା ପ୍ରବେଶ ସ୍ଥାନ ପରେ ଉଦ୍ୟାନର ପ୍ଲାଷ୍ଟିକ କରାଯାଇଛି । ଅଭୟାରଣ୍ୟକୁ ବି ବନବିଭାଗ ପକ୍ଷରୁ ଆଦେଶ ହୋଇଛି । ଅଭୟାରଣ୍ୟ ନିକଟକୁ ଯାଇଥିବା ସଂଗ୍ରହ କରାଯାଇଛି । ପଲିଥିନ ବ୍ୟବହାର ନେଇ କଡ଼ା ନଜର ରହିଛି । ଅଭୟାରଣ୍ୟ ମଧ୍ୟରେ ଥିବା ବ୍ୟବହାର ନିଷେଧ କରାଯାଇଛି । ଏଣେତେଣେ ପଲିଥିନ୍ ପିଞ୍ଜି ଦେଉଥିବା ବନ୍ୟଜନ୍ତୁ ମାନେ ପଲିଥିନ୍ ଖାଇ ମୃତ୍ୟୁ ବରଣ କରୁଛନ୍ତି । ଏଣୁ ପ୍ଲାଷ୍ଟିକ ଓ ଅଣ୍ଡଳ କଡ଼ା ନଜର ରଖିବାକୁ ସମସ୍ତ ଅଭୟାରଣ୍ୟ ମଧ୍ୟରେ ଏଥିପାଇଁ ବ୍ୟବହାର ନିଷେଧ ପ୍ରଜ୍ଞାପନ ହୋଇଛି ।
